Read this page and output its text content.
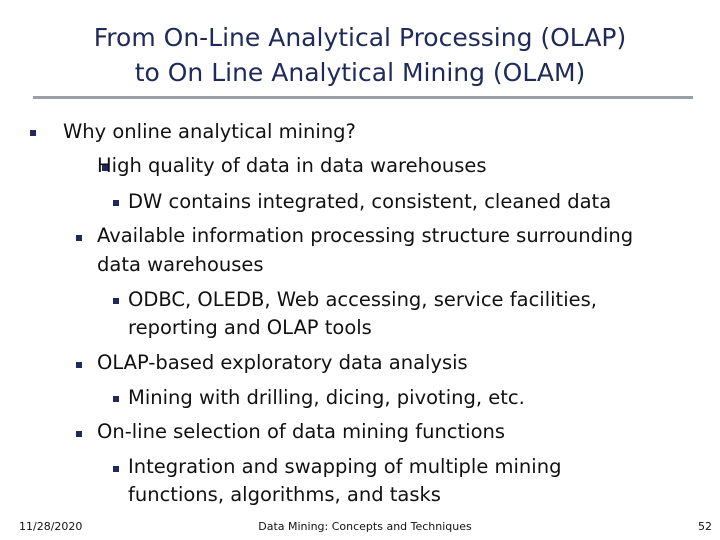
From On-Line Analytical Processing (OLAP)
to On Line Analytical Mining (OLAM)
Why online analytical mining?
High quality of data in data warehouses
DW contains integrated, consistent, cleaned data
Available information processing structure surrounding
data warehouses
ODBC, OLEDB, Web accessing, service facilities,
reporting and OLAP tools
OLAP-based exploratory data analysis
Mining with drilling, dicing, pivoting, etc.
On-line selection of data mining functions
Integration and swapping of multiple mining
functions, algorithms, and tasks
11/28/2020	Data Mining: Concepts and Techniques	52
